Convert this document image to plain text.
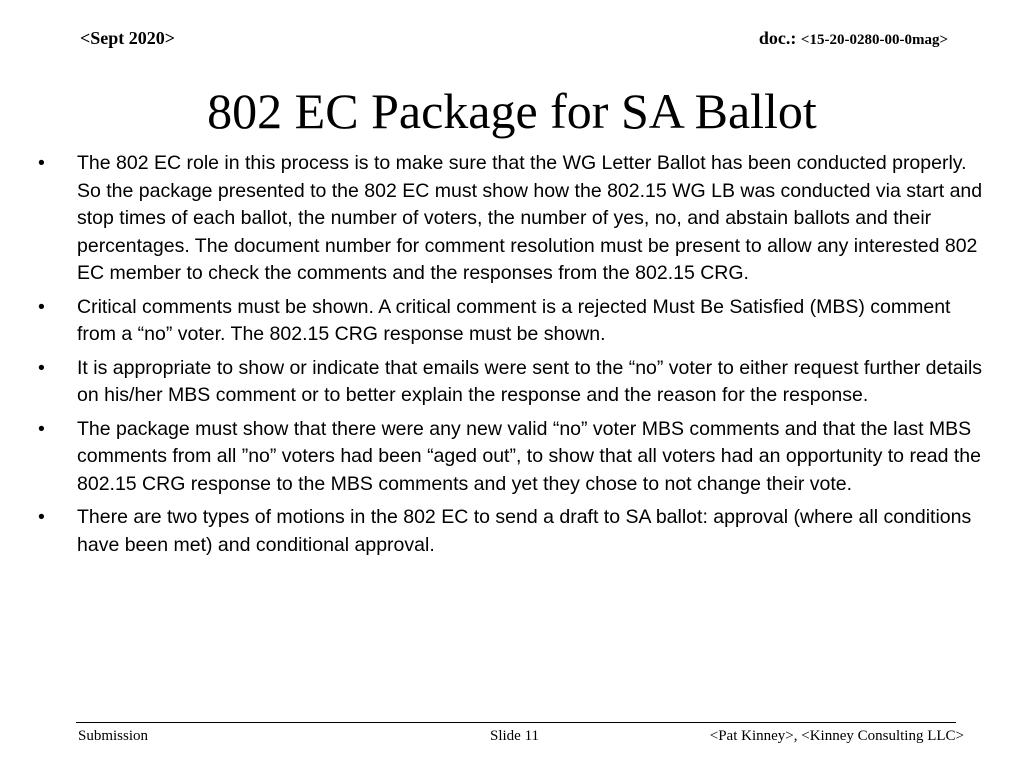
<Sept 2020>	doc.: <15-20-0280-00-0mag>
802 EC Package for SA Ballot
• The 802 EC role in this process is to make sure that the WG Letter Ballot has been conducted properly. So the package presented to the 802 EC must show how the 802.15 WG LB was conducted via start and stop times of each ballot, the number of voters, the number of yes, no, and abstain ballots and their percentages. The document number for comment resolution must be present to allow any interested 802 EC member to check the comments and the responses from the 802.15 CRG.
• Critical comments must be shown. A critical comment is a rejected Must Be Satisfied (MBS) comment from a “no” voter. The 802.15 CRG response must be shown.
• It is appropriate to show or indicate that emails were sent to the “no” voter to either request further details on his/her MBS comment or to better explain the response and the reason for the response.
• The package must show that there were any new valid “no” voter MBS comments and that the last MBS comments from all ”no” voters had been “aged out”, to show that all voters had an opportunity to read the 802.15 CRG response to the MBS comments and yet they chose to not change their vote.
• There are two types of motions in the 802 EC to send a draft to SA ballot: approval (where all conditions have been met) and conditional approval.
Submission	Slide 11	<Pat Kinney>, <Kinney Consulting LLC>
